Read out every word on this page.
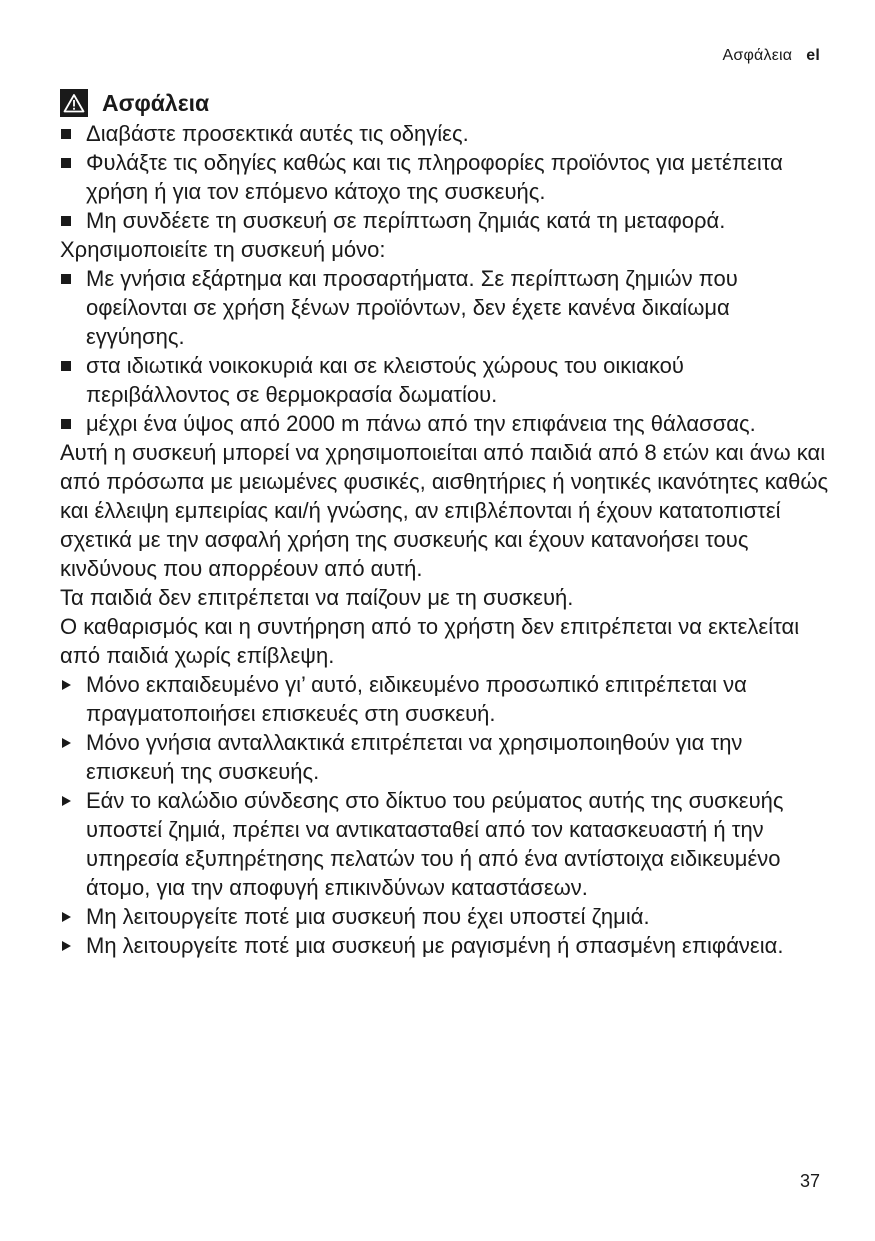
Ασφάλεια el
Ασφάλεια
Διαβάστε προσεκτικά αυτές τις οδηγίες.
Φυλάξτε τις οδηγίες καθώς και τις πληροφορίες προϊόντος για μετέπειτα χρήση ή για τον επόμενο κάτοχο της συσκευής.
Μη συνδέετε τη συσκευή σε περίπτωση ζημιάς κατά τη μεταφορά.
Χρησιμοποιείτε τη συσκευή μόνο:
Με γνήσια εξάρτημα και προσαρτήματα. Σε περίπτωση ζημιών που οφείλονται σε χρήση ξένων προϊόντων, δεν έχετε κανένα δικαίωμα εγγύησης.
στα ιδιωτικά νοικοκυριά και σε κλειστούς χώρους του οικιακού περιβάλλοντος σε θερμοκρασία δωματίου.
μέχρι ένα ύψος από 2000 m πάνω από την επιφάνεια της θάλασσας.
Αυτή η συσκευή μπορεί να χρησιμοποιείται από παιδιά από 8 ετών και άνω και από πρόσωπα με μειωμένες φυσικές, αισθητήριες ή νοητικές ικανότητες καθώς και έλλειψη εμπειρίας και/ή γνώσης, αν επιβλέπονται ή έχουν κατατοπιστεί σχετικά με την ασφαλή χρήση της συσκευής και έχουν κατανοήσει τους κινδύνους που απορρέουν από αυτή.
Τα παιδιά δεν επιτρέπεται να παίζουν με τη συσκευή.
Ο καθαρισμός και η συντήρηση από το χρήστη δεν επιτρέπεται να εκτελείται από παιδιά χωρίς επίβλεψη.
Μόνο εκπαιδευμένο γι’ αυτό, ειδικευμένο προσωπικό επιτρέπεται να πραγματοποιήσει επισκευές στη συσκευή.
Μόνο γνήσια ανταλλακτικά επιτρέπεται να χρησιμοποιηθούν για την επισκευή της συσκευής.
Εάν το καλώδιο σύνδεσης στο δίκτυο του ρεύματος αυτής της συσκευής υποστεί ζημιά, πρέπει να αντικατασταθεί από τον κατασκευαστή ή την υπηρεσία εξυπηρέτησης πελατών του ή από ένα αντίστοιχα ειδικευμένο άτομο, για την αποφυγή επικινδύνων καταστάσεων.
Μη λειτουργείτε ποτέ μια συσκευή που έχει υποστεί ζημιά.
Μη λειτουργείτε ποτέ μια συσκευή με ραγισμένη ή σπασμένη επιφάνεια.
37
